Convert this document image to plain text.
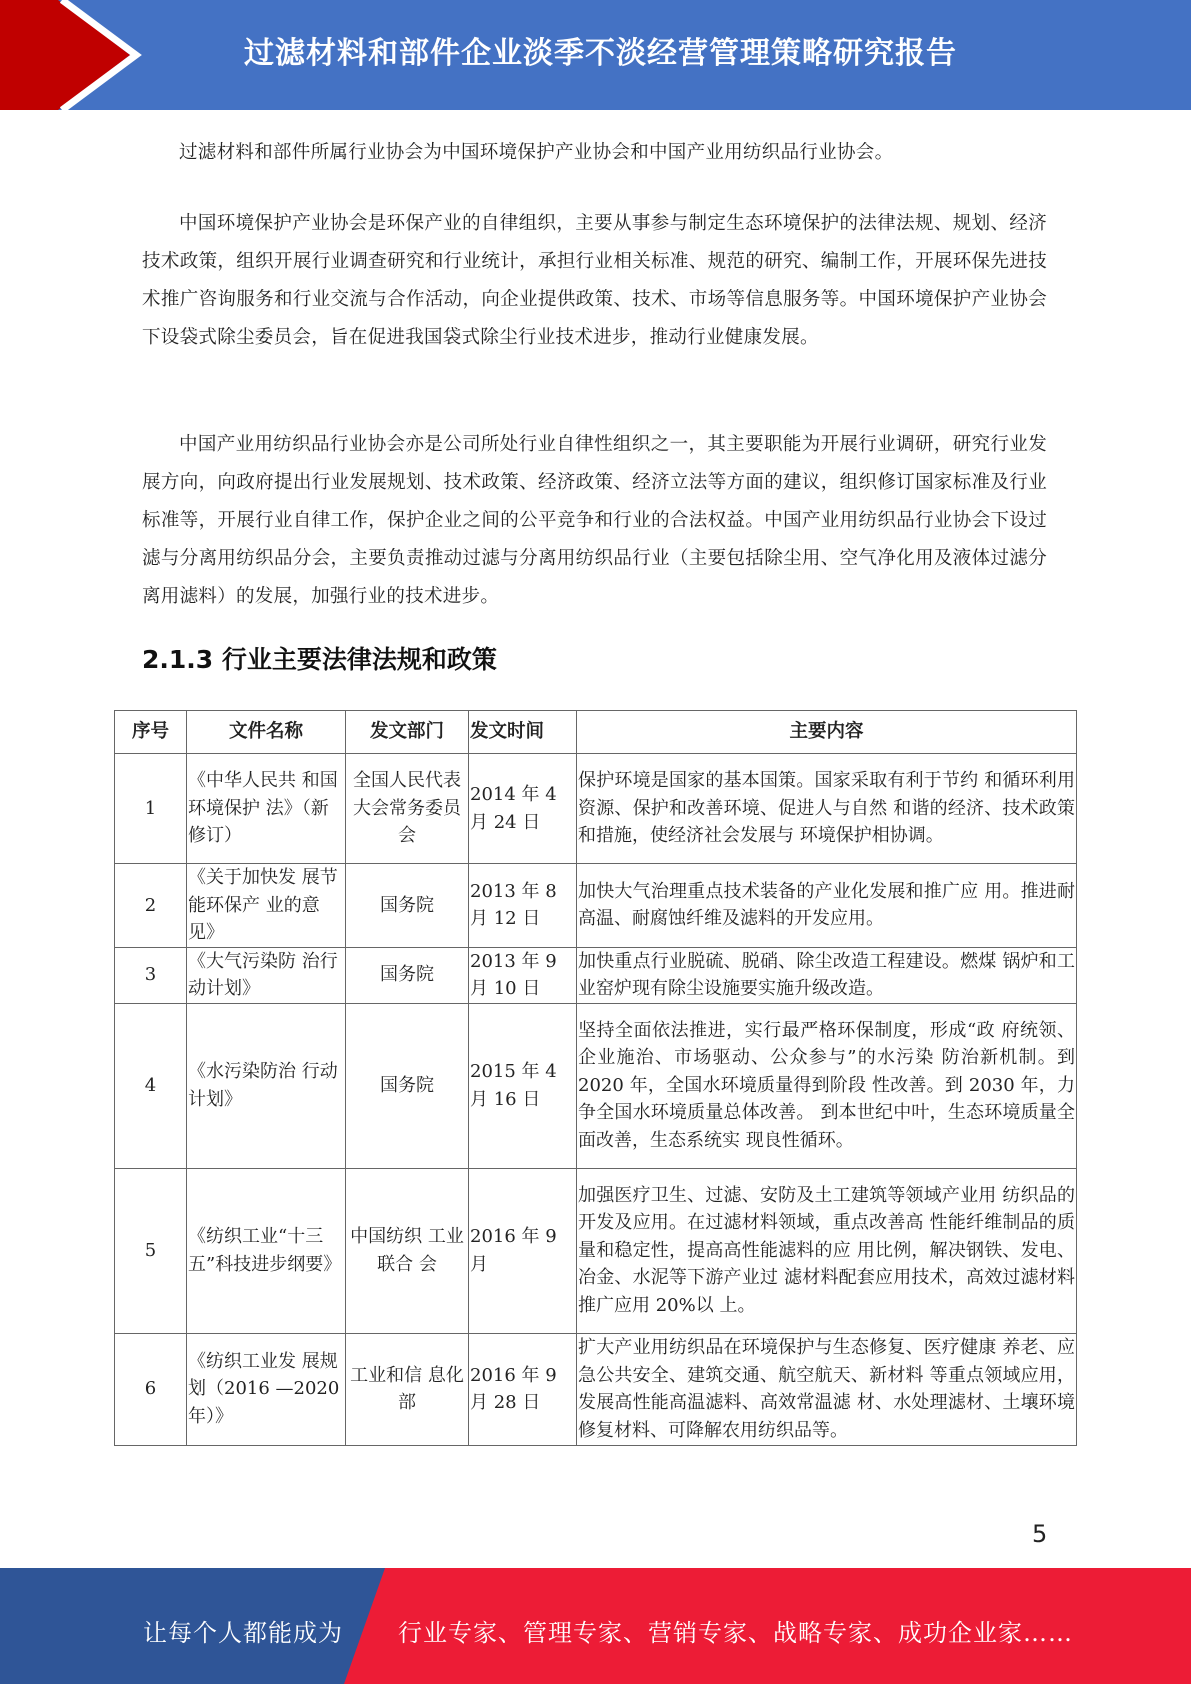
过滤材料和部件企业淡季不淡经营管理策略研究报告

过滤材料和部件所属行业协会为中国环境保护产业协会和中国产业用纺织品行业协会。

中国环境保护产业协会是环保产业的自律组织，主要从事参与制定生态环境保护的法律法规、规划、经济技术政策，组织开展行业调查研究和行业统计，承担行业相关标准、规范的研究、编制工作，开展环保先进技术推广咨询服务和行业交流与合作活动，向企业提供政策、技术、市场等信息服务等。中国环境保护产业协会下设袋式除尘委员会，旨在促进我国袋式除尘行业技术进步，推动行业健康发展。

中国产业用纺织品行业协会亦是公司所处行业自律性组织之一，其主要职能为开展行业调研，研究行业发展方向，向政府提出行业发展规划、技术政策、经济政策、经济立法等方面的建议，组织修订国家标准及行业标准等，开展行业自律工作，保护企业之间的公平竞争和行业的合法权益。中国产业用纺织品行业协会下设过滤与分离用纺织品分会，主要负责推动过滤与分离用纺织品行业（主要包括除尘用、空气净化用及液体过滤分离用滤料）的发展，加强行业的技术进步。

2.1.3 行业主要法律法规和政策
序号	文件名称	发文部门	发文时间	主要内容
1	《中华人民共 和国环境保护 法》（新修订）	全国人民代表大会常务委员会	2014 年 4 月 24 日	保护环境是国家的基本国策。国家采取有利于节约 和循环利用资源、保护和改善环境、促进人与自然 和谐的经济、技术政策和措施，使经济社会发展与 环境保护相协调。
2	《关于加快发 展节能环保产 业的意见》	国务院	2013 年 8 月 12 日	加快大气治理重点技术装备的产业化发展和推广应 用。推进耐高温、耐腐蚀纤维及滤料的开发应用。
3	《大气污染防 治行动计划》	国务院	2013 年 9 月 10 日	加快重点行业脱硫、脱硝、除尘改造工程建设。燃煤 锅炉和工业窑炉现有除尘设施要实施升级改造。
4	《水污染防治 行动计划》	国务院	2015 年 4 月 16 日	坚持全面依法推进，实行最严格环保制度，形成“政 府统领、企业施治、市场驱动、公众参与”的水污染 防治新机制。到 2020 年，全国水环境质量得到阶段 性改善。到 2030 年，力争全国水环境质量总体改善。 到本世纪中叶，生态环境质量全面改善，生态系统实 现良性循环。
5	《纺织工业“十三五”科技进步纲要》	中国纺织 工业联合 会	2016 年 9 月	加强医疗卫生、过滤、安防及土工建筑等领域产业用 纺织品的开发及应用。在过滤材料领域，重点改善高 性能纤维制品的质量和稳定性，提高高性能滤料的应 用比例，解决钢铁、发电、冶金、水泥等下游产业过 滤材料配套应用技术，高效过滤材料推广应用 20%以 上。
6	《纺织工业发 展规划（2016 —2020 年）》	工业和信 息化部	2016 年 9 月 28 日	扩大产业用纺织品在环境保护与生态修复、医疗健康 养老、应急公共安全、建筑交通、航空航天、新材料 等重点领域应用，发展高性能高温滤料、高效常温滤 材、水处理滤材、土壤环境修复材料、可降解农用纺织品等。
5
让每个人都能成为 行业专家、管理专家、营销专家、战略专家、成功企业家……
